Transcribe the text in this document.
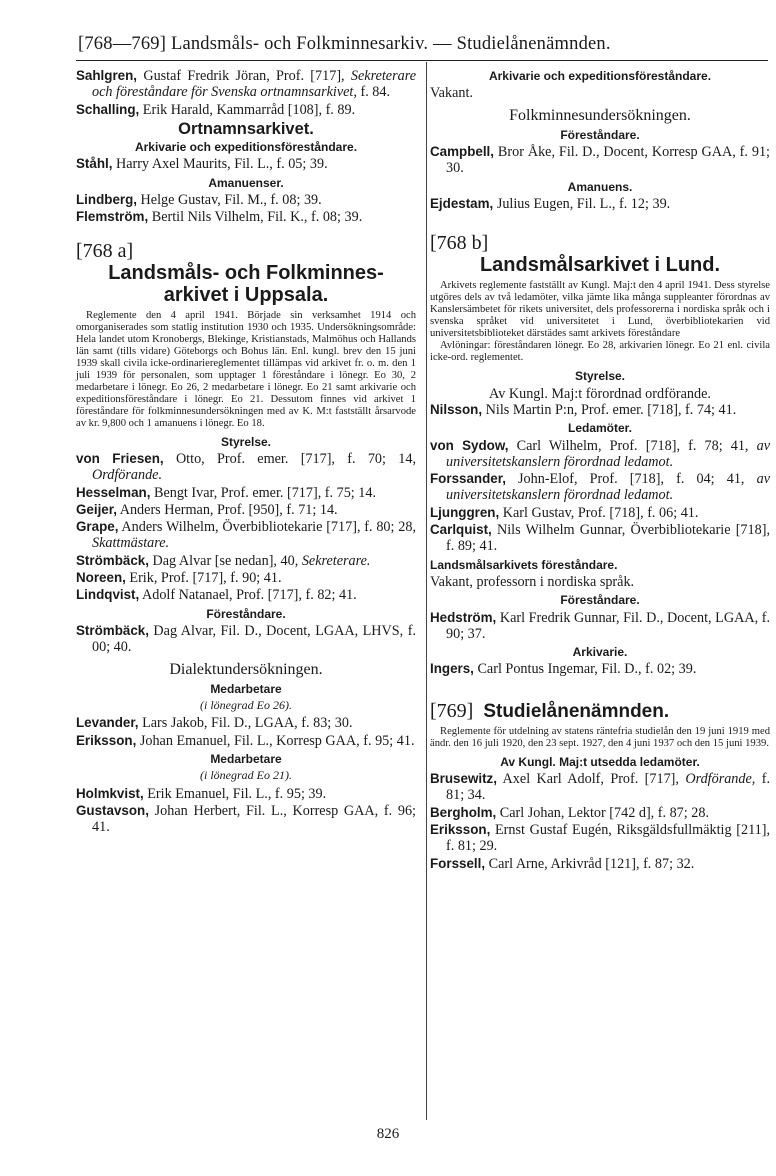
[768—769] Landsmåls- och Folkminnesarkiv. — Studielånenämnden.

Sahlgren, Gustaf Fredrik Jöran, Prof. [717], Sekreterare och föreståndare för Svenska ortnamnsarkivet, f. 84.

Schalling, Erik Harald, Kammarråd [108], f. 89.

Ortnamnsarkivet.
Arkivarie och expeditionsföreståndare.

Ståhl, Harry Axel Maurits, Fil. L., f. 05; 39.

Amanuenser.

Lindberg, Helge Gustav, Fil. M., f. 08; 39.

Flemström, Bertil Nils Vilhelm, Fil. K., f. 08; 39.

[768 a]
Landsmåls- och Folkminnes-
arkivet i Uppsala.

Reglemente den 4 april 1941. Började sin verksamhet 1914 och omorganiserades som statlig institution 1930 och 1935. Undersökningsområde: Hela landet utom Kronobergs, Blekinge, Kristianstads, Malmöhus och Hallands län samt (tills vidare) Göteborgs och Bohus län. Enl. kungl. brev den 15 juni 1939 skall civila icke-ordinariereglementet tillämpas vid arkivet fr. o. m. den 1 juli 1939 för personalen, som upptager 1 föreståndare i lönegr. Eo 30, 2 medarbetare i lönegr. Eo 26, 2 medarbetare i lönegr. Eo 21 samt arkivarie och expeditionsföreståndare i lönegr. Eo 21. Dessutom finnes vid arkivet 1 föreståndare för folkminnesundersökningen med av K. M:t fastställt årsarvode av kr. 9,800 och 1 amanuens i lönegr. Eo 18.

Styrelse.

von Friesen, Otto, Prof. emer. [717], f. 70; 14, Ordförande.

Hesselman, Bengt Ivar, Prof. emer. [717], f. 75; 14.

Geijer, Anders Herman, Prof. [950], f. 71; 14.

Grape, Anders Wilhelm, Överbibliotekarie [717], f. 80; 28, Skattmästare.

Strömbäck, Dag Alvar [se nedan], 40, Sekreterare.

Noreen, Erik, Prof. [717], f. 90; 41.

Lindqvist, Adolf Natanael, Prof. [717], f. 82; 41.

Föreståndare.

Strömbäck, Dag Alvar, Fil. D., Docent, LGAA, LHVS, f. 00; 40.

Dialektundersökningen.
Medarbetare
(i lönegrad Eo 26).

Levander, Lars Jakob, Fil. D., LGAA, f. 83; 30.

Eriksson, Johan Emanuel, Fil. L., Korresp GAA, f. 95; 41.

Medarbetare
(i lönegrad Eo 21).

Holmkvist, Erik Emanuel, Fil. L., f. 95; 39.

Gustavson, Johan Herbert, Fil. L., Korresp GAA, f. 96; 41.

Arkivarie och expeditionsföreståndare.

Vakant.

Folkminnesundersökningen.
Föreståndare.

Campbell, Bror Åke, Fil. D., Docent, Korresp GAA, f. 91; 30.

Amanuens.

Ejdestam, Julius Eugen, Fil. L., f. 12; 39.

[768 b]
Landsmålsarkivet i Lund.

Arkivets reglemente fastställt av Kungl. Maj:t den 4 april 1941. Dess styrelse utgöres dels av två ledamöter, vilka jämte lika många suppleanter förordnas av Kanslersämbetet för rikets universitet, dels professorerna i nordiska språk och i svenska språket vid universitetet i Lund, överbibliotekarien vid universitetsbiblioteket därstädes samt arkivets föreståndare

Avlöningar: föreståndaren lönegr. Eo 28, arkivarien lönegr. Eo 21 enl. civila icke-ord. reglementet.

Styrelse.

Av Kungl. Maj:t förordnad ordförande.

Nilsson, Nils Martin P:n, Prof. emer. [718], f. 74; 41.

Ledamöter.

von Sydow, Carl Wilhelm, Prof. [718], f. 78; 41, av universitetskanslern förordnad ledamot.

Forssander, John-Elof, Prof. [718], f. 04; 41, av universitetskanslern förordnad ledamot.

Ljunggren, Karl Gustav, Prof. [718], f. 06; 41.

Carlquist, Nils Wilhelm Gunnar, Överbibliotekarie [718], f. 89; 41.

Landsmålsarkivets föreståndare.

Vakant, professorn i nordiska språk.

Föreståndare.

Hedström, Karl Fredrik Gunnar, Fil. D., Docent, LGAA, f. 90; 37.

Arkivarie.

Ingers, Carl Pontus Ingemar, Fil. D., f. 02; 39.

[769] Studielånenämnden.

Reglemente för utdelning av statens räntefria studielån den 19 juni 1919 med ändr. den 16 juli 1920, den 23 sept. 1927, den 4 juni 1937 och den 15 juni 1939.

Av Kungl. Maj:t utsedda ledamöter.

Brusewitz, Axel Karl Adolf, Prof. [717], Ordförande, f. 81; 34.

Bergholm, Carl Johan, Lektor [742 d], f. 87; 28.

Eriksson, Ernst Gustaf Eugén, Riksgäldsfullmäktig [211], f. 81; 29.

Forssell, Carl Arne, Arkivråd [121], f. 87; 32.

826
